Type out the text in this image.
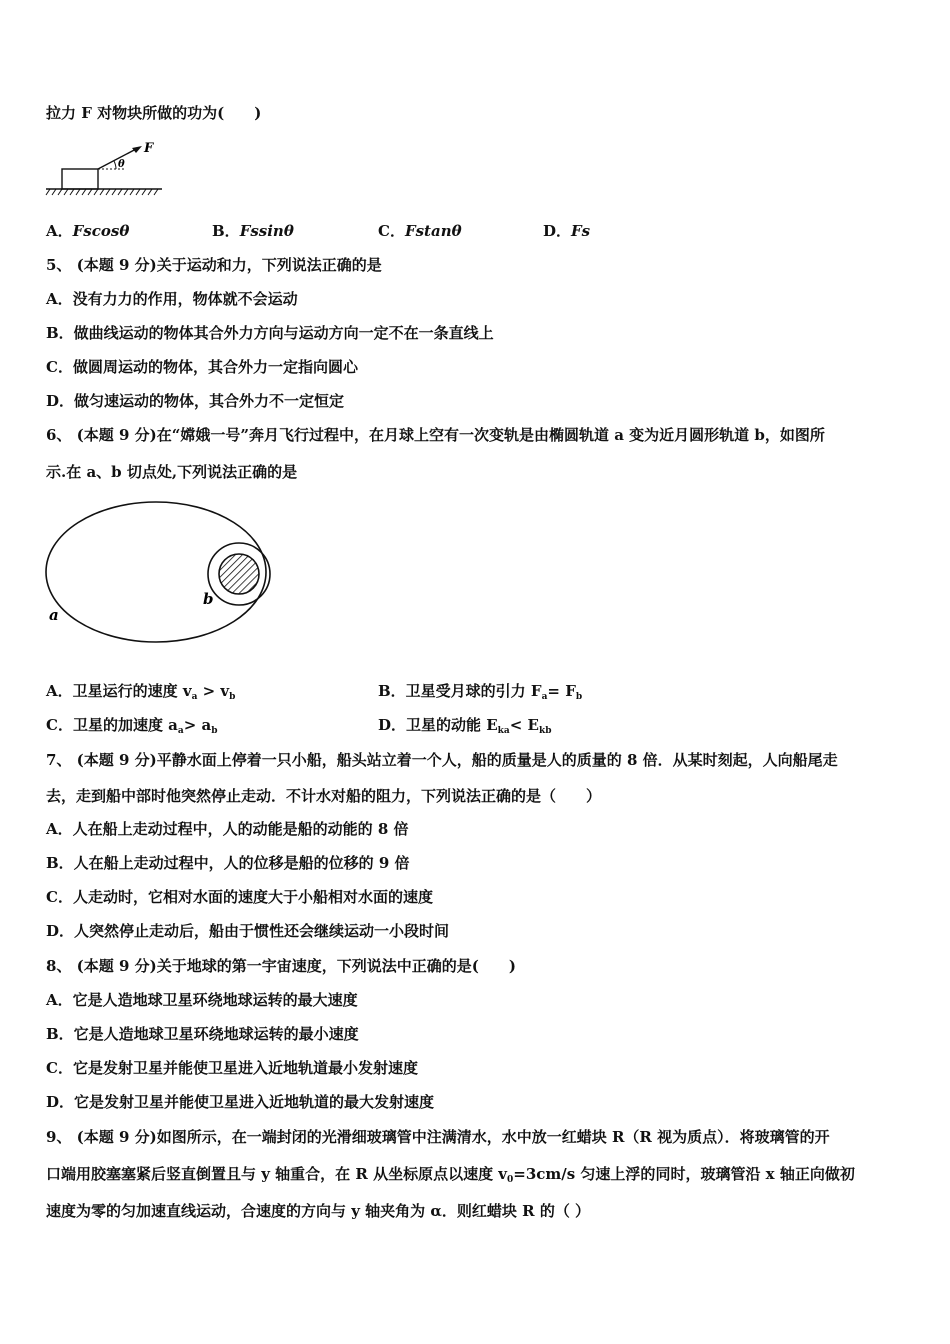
拉力 F 对物块所做的功为(　　)
F
θ
A．Fscosθ	B．Fssinθ	C．Fstanθ	D．Fs
5、 (本题 9 分)关于运动和力，下列说法正确的是
A．没有力力的作用，物体就不会运动
B．做曲线运动的物体其合外力方向与运动方向一定不在一条直线上
C．做圆周运动的物体，其合外力一定指向圆心
D．做匀速运动的物体，其合外力不一定恒定
6、 (本题 9 分)在“嫦娥一号”奔月飞行过程中，在月球上空有一次变轨是由椭圆轨道 a 变为近月圆形轨道 b，如图所
示.在 a、b 切点处,下列说法正确的是
a
b
A．卫星运行的速度 $v_a > v_b$	B．卫星受月球的引力 $F_a= F_b$
C．卫星的加速度 $a_a> a_b$	D．卫星的动能 $E_{ka}< E_{kb}$
7、 (本题 9 分)平静水面上停着一只小船，船头站立着一个人，船的质量是人的质量的 8 倍．从某时刻起，人向船尾走
去，走到船中部时他突然停止走动．不计水对船的阻力，下列说法正确的是（　　）
A．人在船上走动过程中，人的动能是船的动能的 8 倍
B．人在船上走动过程中，人的位移是船的位移的 9 倍
C．人走动时，它相对水面的速度大于小船相对水面的速度
D．人突然停止走动后，船由于惯性还会继续运动一小段时间
8、 (本题 9 分)关于地球的第一宇宙速度，下列说法中正确的是(　　)
A．它是人造地球卫星环绕地球运转的最大速度
B．它是人造地球卫星环绕地球运转的最小速度
C．它是发射卫星并能使卫星进入近地轨道最小发射速度
D．它是发射卫星并能使卫星进入近地轨道的最大发射速度
9、 (本题 9 分)如图所示，在一端封闭的光滑细玻璃管中注满清水，水中放一红蜡块 R（R 视为质点）．将玻璃管的开
口端用胶塞塞紧后竖直倒置且与 y 轴重合，在 R 从坐标原点以速度 $v_0=3cm/s$ 匀速上浮的同时，玻璃管沿 x 轴正向做初
速度为零的匀加速直线运动，合速度的方向与 y 轴夹角为 α．则红蜡块 R 的（ ）
